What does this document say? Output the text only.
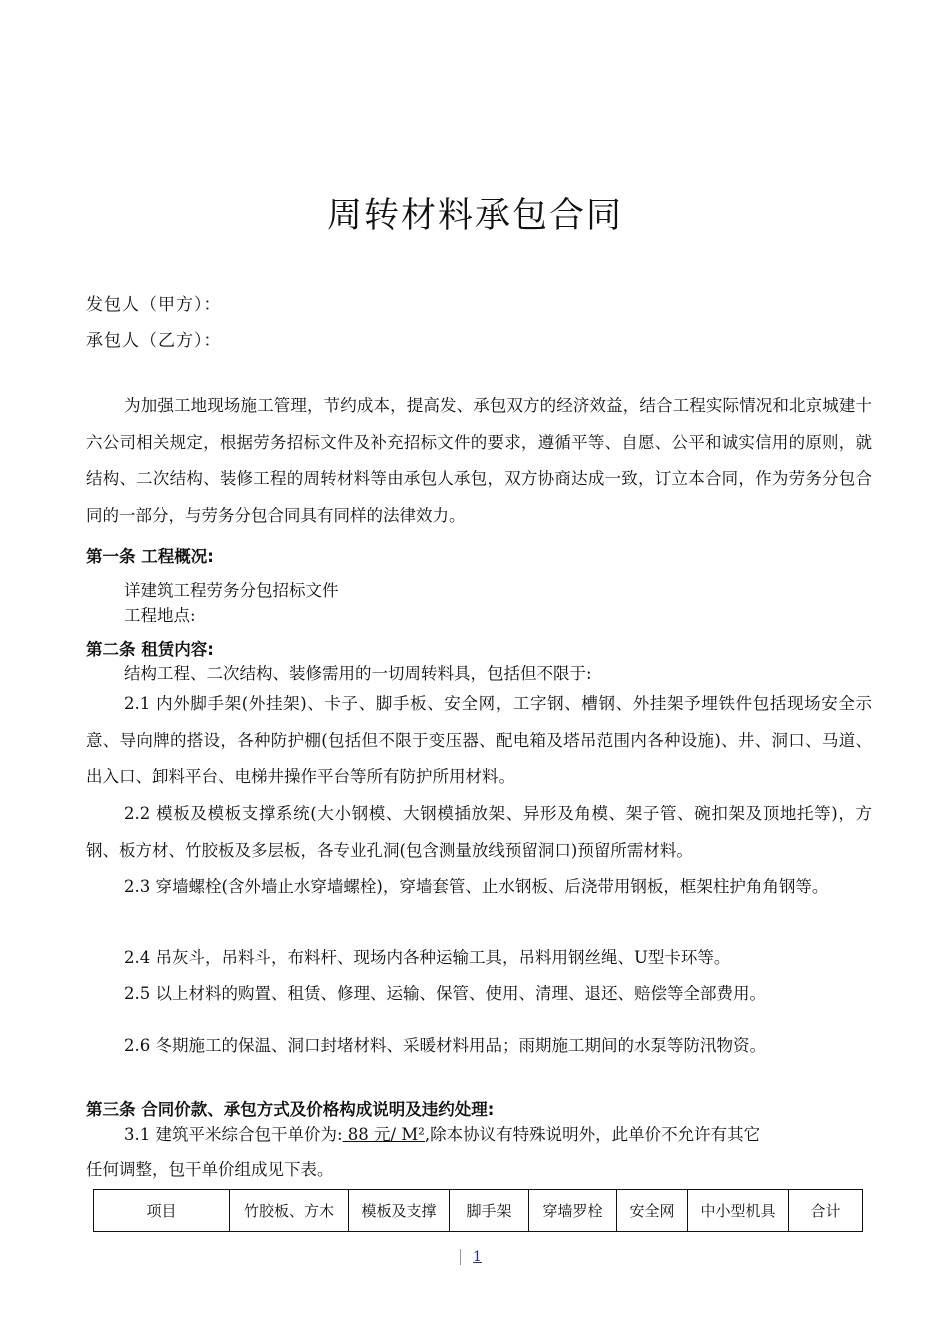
周转材料承包合同
发包人（甲方）：
承包人（乙方）：
为加强工地现场施工管理，节约成本，提高发、承包双方的经济效益，结合工程实际情况和北京城建十六公司相关规定，根据劳务招标文件及补充招标文件的要求，遵循平等、自愿、公平和诚实信用的原则，就结构、二次结构、装修工程的周转材料等由承包人承包，双方协商达成一致，订立本合同，作为劳务分包合同的一部分，与劳务分包合同具有同样的法律效力。
第一条 工程概况:
详建筑工程劳务分包招标文件
工程地点:
第二条 租赁内容:
结构工程、二次结构、装修需用的一切周转料具，包括但不限于:
2.1 内外脚手架(外挂架)、卡子、脚手板、安全网，工字钢、槽钢、外挂架予埋铁件包括现场安全示意、导向牌的搭设，各种防护棚(包括但不限于变压器、配电箱及塔吊范围内各种设施)、井、洞口、马道、出入口、卸料平台、电梯井操作平台等所有防护所用材料。
2.2 模板及模板支撑系统(大小钢模、大钢模插放架、异形及角模、架子管、碗扣架及顶地托等)，方钢、板方材、竹胶板及多层板，各专业孔洞(包含测量放线预留洞口)预留所需材料。
2.3 穿墙螺栓(含外墙止水穿墙螺栓)，穿墙套管、止水钢板、后浇带用钢板，框架柱护角角钢等。
2.4 吊灰斗，吊料斗，布料杆、现场内各种运输工具，吊料用钢丝绳、U型卡环等。
2.5 以上材料的购置、租赁、修理、运输、保管、使用、清理、退还、赔偿等全部费用。
2.6 冬期施工的保温、洞口封堵材料、采暖材料用品；雨期施工期间的水泵等防汛物资。
第三条 合同价款、承包方式及价格构成说明及违约处理:
3.1 建筑平米综合包干单价为: 88 元/ M²,除本协议有特殊说明外，此单价不允许有其它
任何调整，包干单价组成见下表。
项目	竹胶板、方木	模板及支撑	脚手架	穿墙罗栓	安全网	中小型机具	合计
1
